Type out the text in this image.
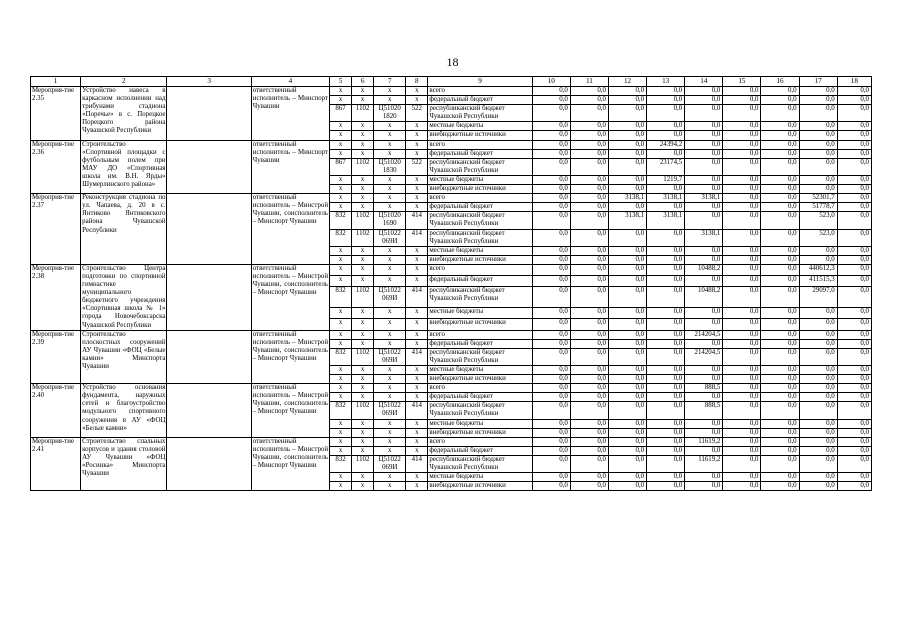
18
1	2	3	4	5	6	7	8	9	10	11	12	13	14	15	16	17	18
Мероприя-тие 2.35	Устройство навеса в каркасном исполнении над трибунами стадиона «Поречье» в с. Порецкое Порецкого района Чувашской Республики		ответственный исполнитель – Минспорт Чувашии	x	x	x	x	всего	0,0	0,0	0,0	0,0	0,0	0,0	0,0	0,0	0,0
				x	x	x	x	федеральный бюджет	0,0	0,0	0,0	0,0	0,0	0,0	0,0	0,0	0,0
				867	1102	Ц51020 1820	522	республиканский бюджет Чувашской Республики	0,0	0,0	0,0	0,0	0,0	0,0	0,0	0,0	0,0
				x	x	x	x	местные бюджеты	0,0	0,0	0,0	0,0	0,0	0,0	0,0	0,0	0,0
				x	x	x	x	внебюджетные источники	0,0	0,0	0,0	0,0	0,0	0,0	0,0	0,0	0,0
Мероприя-тие 2.36	Строительство «Спортивной площадки с футбольным полем при МАУ ДО «Спортивная школа им. В.Н. Ярды» Шумерлинского района»		ответственный исполнитель – Минспорт Чувашии	x	x	x	x	всего	0,0	0,0	0,0	24394,2	0,0	0,0	0,0	0,0	0,0
				x	x	x	x	федеральный бюджет	0,0	0,0	0,0	0,0	0,0	0,0	0,0	0,0	0,0
				867	1102	Ц51020 1830	522	республиканский бюджет Чувашской Республики	0,0	0,0	0,0	23174,5	0,0	0,0	0,0	0,0	0,0
				x	x	x	x	местные бюджеты	0,0	0,0	0,0	1219,7	0,0	0,0	0,0	0,0	0,0
				x	x	x	x	внебюджетные источники	0,0	0,0	0,0	0,0	0,0	0,0	0,0	0,0	0,0
Мероприя-тие 2.37	Реконструкция стадиона по ул. Чапаева, д. 20 в с. Янтиково Янтиковского района Чувашской Республики		ответственный исполнитель – Минстрой Чувашии, соисполнитель – Минспорт Чувашии	x	x	x	x	всего	0,0	0,0	3138,1	3138,1	3138,1	0,0	0,0	52301,7	0,0
				x	x	x	x	федеральный бюджет	0,0	0,0	0,0	0,0	0,0	0,0	0,0	51778,7	0,0
				832	1102	Ц51020 1690	414	республиканский бюджет Чувашской Республики	0,0	0,0	3138,1	3138,1	0,0	0,0	0,0	523,0	0,0
				832	1102	Ц51022 069И	414	республиканский бюджет Чувашской Республики	0,0	0,0	0,0	0,0	3138,1	0,0	0,0	523,0	0,0
				x	x	x	x	местные бюджеты	0,0	0,0	0,0	0,0	0,0	0,0	0,0	0,0	0,0
				x	x	x	x	внебюджетные источники	0,0	0,0	0,0	0,0	0,0	0,0	0,0	0,0	0,0
Мероприя-тие 2.38	Строительство Центра подготовки по спортивной гимнастике муниципального бюджетного учреждения «Спортивная школа № 1» города Новочебоксарска Чувашской Республики		ответственный исполнитель – Минстрой Чувашии, соисполнитель – Минспорт Чувашии	x	x	x	x	всего	0,0	0,0	0,0	0,0	10488,2	0,0	0,0	440612,3	0,0
				x	x	x	x	федеральный бюджет	0,0	0,0	0,0	0,0	0,0	0,0	0,0	411515,3	0,0
				832	1102	Ц51022 069И	414	республиканский бюджет Чувашской Республики	0,0	0,0	0,0	0,0	10488,2	0,0	0,0	29097,0	0,0
				x	x	x	x	местные бюджеты	0,0	0,0	0,0	0,0	0,0	0,0	0,0	0,0	0,0
				x	x	x	x	внебюджетные источники	0,0	0,0	0,0	0,0	0,0	0,0	0,0	0,0	0,0
Мероприя-тие 2.39	Строительство плоскостных сооружений АУ Чувашии «ФОЦ «Белые камни» Минспорта Чувашии		ответственный исполнитель – Минстрой Чувашии, соисполнитель – Минспорт Чувашии	x	x	x	x	всего	0,0	0,0	0,0	0,0	214204,5	0,0	0,0	0,0	0,0
				x	x	x	x	федеральный бюджет	0,0	0,0	0,0	0,0	0,0	0,0	0,0	0,0	0,0
				832	1102	Ц51022 069И	414	республиканский бюджет Чувашской Республики	0,0	0,0	0,0	0,0	214204,5	0,0	0,0	0,0	0,0
				x	x	x	x	местные бюджеты	0,0	0,0	0,0	0,0	0,0	0,0	0,0	0,0	0,0
				x	x	x	x	внебюджетные источники	0,0	0,0	0,0	0,0	0,0	0,0	0,0	0,0	0,0
Мероприя-тие 2.40	Устройство основания фундамента, наружных сетей и благоустройство модульного спортивного сооружения в АУ «ФОЦ «Белые камни»		ответственный исполнитель – Минстрой Чувашии, соисполнитель – Минспорт Чувашии	x	x	x	x	всего	0,0	0,0	0,0	0,0	888,5	0,0	0,0	0,0	0,0
				x	x	x	x	федеральный бюджет	0,0	0,0	0,0	0,0	0,0	0,0	0,0	0,0	0,0
				832	1102	Ц51022 069И	414	республиканский бюджет Чувашской Республики	0,0	0,0	0,0	0,0	888,5	0,0	0,0	0,0	0,0
				x	x	x	x	местные бюджеты	0,0	0,0	0,0	0,0	0,0	0,0	0,0	0,0	0,0
				x	x	x	x	внебюджетные источники	0,0	0,0	0,0	0,0	0,0	0,0	0,0	0,0	0,0
Мероприя-тие 2.41	Строительство спальных корпусов и здания столовой АУ Чувашии «ФОЦ «Росинка» Минспорта Чувашии		ответственный исполнитель – Минстрой Чувашии, соисполнитель – Минспорт Чувашии	x	x	x	x	всего	0,0	0,0	0,0	0,0	11619,2	0,0	0,0	0,0	0,0
				x	x	x	x	федеральный бюджет	0,0	0,0	0,0	0,0	0,0	0,0	0,0	0,0	0,0
				832	1102	Ц51022 069И	414	республиканский бюджет Чувашской Республики	0,0	0,0	0,0	0,0	11619,2	0,0	0,0	0,0	0,0
				x	x	x	x	местные бюджеты	0,0	0,0	0,0	0,0	0,0	0,0	0,0	0,0	0,0
				x	x	x	x	внебюджетные источники	0,0	0,0	0,0	0,0	0,0	0,0	0,0	0,0	0,0
